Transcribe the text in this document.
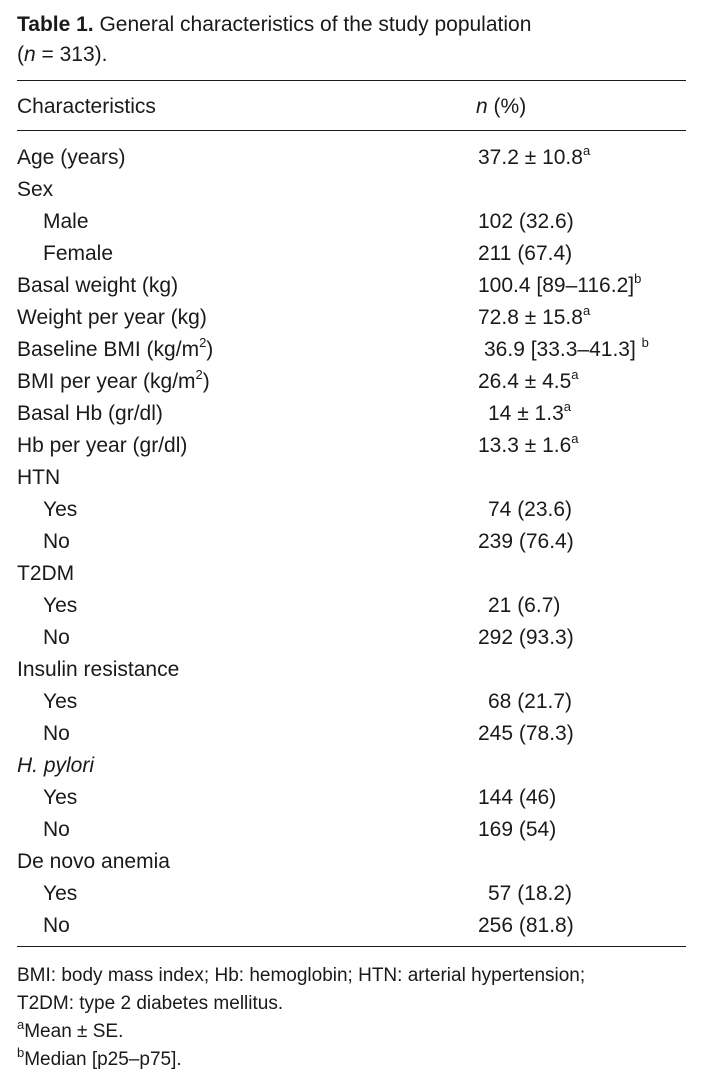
Table 1. General characteristics of the study population
(n = 313).
Characteristics	n (%)
Age (years)	37.2 ± 10.8$^a$
Sex
Male	102 (32.6)
Female	211 (67.4)
Basal weight (kg)	100.4 $[89-116.2]^b$
Weight per year (kg)	72.8 ± 15.8$^a$
Baseline BMI $(kg/m^2)$	36.9 [33.3–41.3] $^b$
BMI per year $(kg/m^2)$	26.4 ± 4.5$^a$
Basal Hb (gr/dl)	14 ± 1.3$^a$
Hb per year (gr/dl)	13.3 ± 1.6$^a$
HTN
Yes	74 (23.6)
No	239 (76.4)
T2DM
Yes	21 (6.7)
No	292 (93.3)
Insulin resistance
Yes	68 (21.7)
No	245 (78.3)
H. pylori
Yes	144 (46)
No	169 (54)
De novo anemia
Yes	57 (18.2)
No	256 (81.8)
BMI: body mass index; Hb: hemoglobin; HTN: arterial hypertension;
T2DM: type 2 diabetes mellitus.
$^a$Mean ± SE.
$^b$Median [p25–p75].
